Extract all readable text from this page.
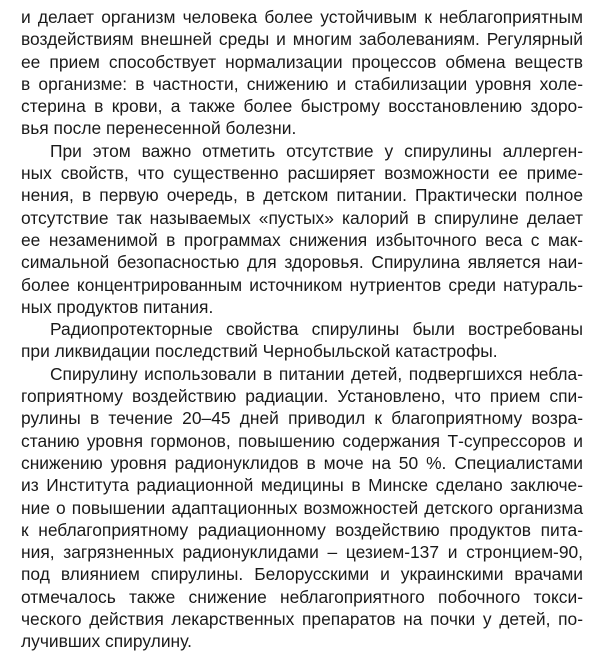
и делает организм человека более устойчивым к неблагоприятным
воздействиям внешней среды и многим заболеваниям. Регулярный
ее прием способствует нормализации процессов обмена веществ
в организме: в частности, снижению и стабилизации уровня холе-
стерина в крови, а также более быстрому восстановлению здоро-
вья после перенесенной болезни.
При этом важно отметить отсутствие у спирулины аллерген-
ных свойств, что существенно расширяет возможности ее приме-
нения, в первую очередь, в детском питании. Практически полное
отсутствие так называемых «пустых» калорий в спирулине делает
ее незаменимой в программах снижения избыточного веса с мак-
симальной безопасностью для здоровья. Спирулина является наи-
более концентрированным источником нутриентов среди натураль-
ных продуктов питания.
Радиопротекторные свойства спирулины были востребованы
при ликвидации последствий Чернобыльской катастрофы.
Спирулину использовали в питании детей, подвергшихся небла-
гоприятному воздействию радиации. Установлено, что прием спи-
рулины в течение 20–45 дней приводил к благоприятному возра-
станию уровня гормонов, повышению содержания Т-супрессоров и
снижению уровня радионуклидов в моче на 50 %. Специалистами
из Института радиационной медицины в Минске сделано заключе-
ние о повышении адаптационных возможностей детского организма
к неблагоприятному радиационному воздействию продуктов пита-
ния, загрязненных радионуклидами – цезием-137 и стронцием-90,
под влиянием спирулины. Белорусскими и украинскими врачами
отмечалось также снижение неблагоприятного побочного токси-
ческого действия лекарственных препаратов на почки у детей, по-
лучивших спирулину.
